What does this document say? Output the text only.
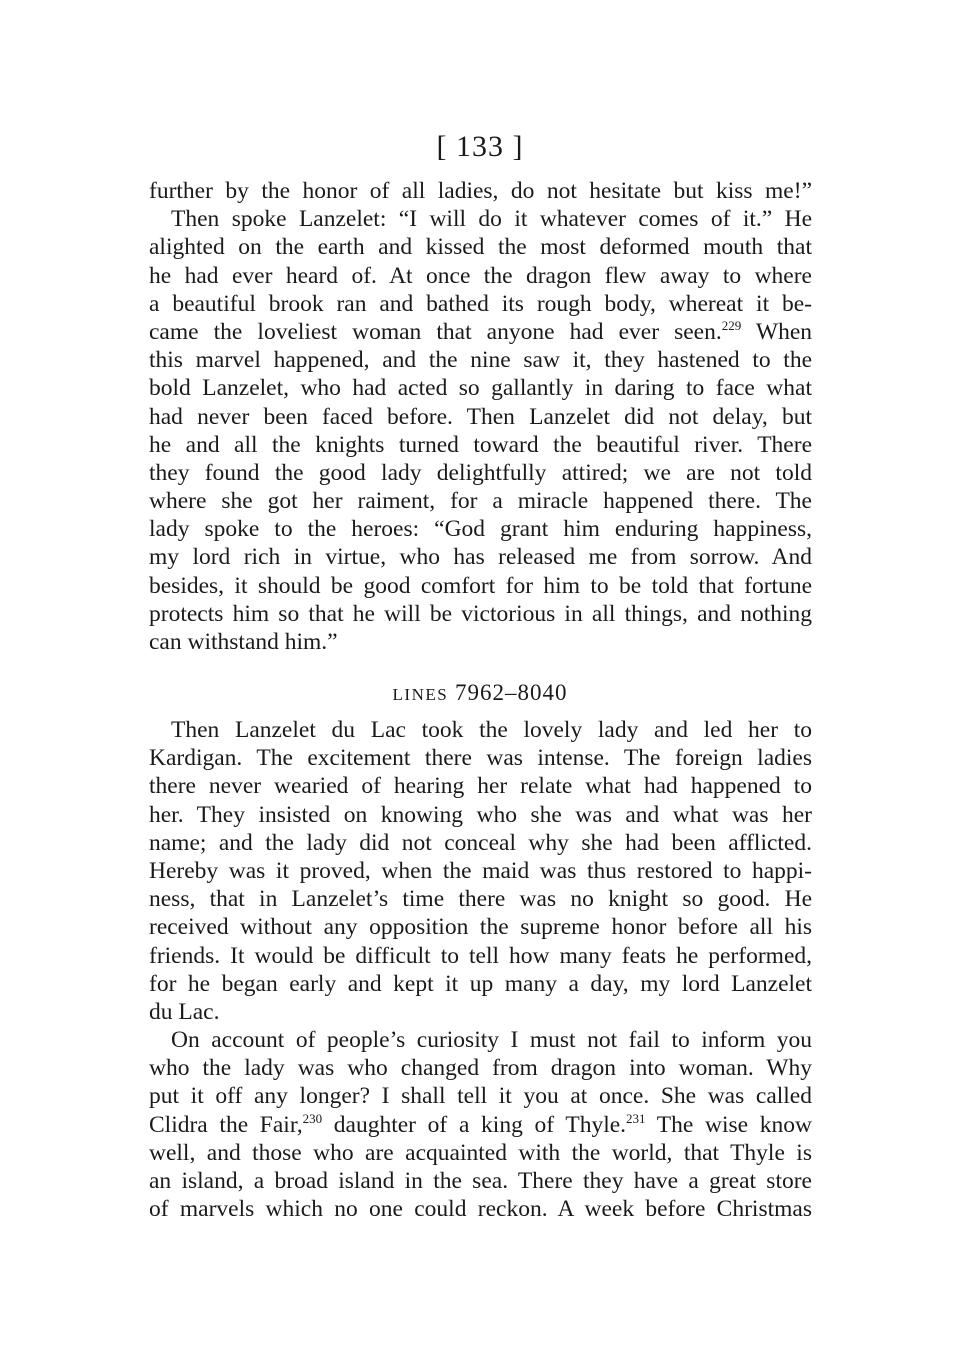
[ 133 ]
further by the honor of all ladies, do not hesitate but kiss me!”
Then spoke Lanzelet: “I will do it whatever comes of it.” He
alighted on the earth and kissed the most deformed mouth that
he had ever heard of. At once the dragon flew away to where
a beautiful brook ran and bathed its rough body, whereat it be-
came the loveliest woman that anyone had ever seen.$^{229}$ When
this marvel happened, and the nine saw it, they hastened to the
bold Lanzelet, who had acted so gallantly in daring to face what
had never been faced before. Then Lanzelet did not delay, but
he and all the knights turned toward the beautiful river. There
they found the good lady delightfully attired; we are not told
where she got her raiment, for a miracle happened there. The
lady spoke to the heroes: “God grant him enduring happiness,
my lord rich in virtue, who has released me from sorrow. And
besides, it should be good comfort for him to be told that fortune
protects him so that he will be victorious in all things, and nothing
can withstand him.”
LINES 7962–8040
Then Lanzelet du Lac took the lovely lady and led her to
Kardigan. The excitement there was intense. The foreign ladies
there never wearied of hearing her relate what had happened to
her. They insisted on knowing who she was and what was her
name; and the lady did not conceal why she had been afflicted.
Hereby was it proved, when the maid was thus restored to happi-
ness, that in Lanzelet’s time there was no knight so good. He
received without any opposition the supreme honor before all his
friends. It would be difficult to tell how many feats he performed,
for he began early and kept it up many a day, my lord Lanzelet
du Lac.
On account of people’s curiosity I must not fail to inform you
who the lady was who changed from dragon into woman. Why
put it off any longer? I shall tell it you at once. She was called
Clidra the Fair,$^{230}$ daughter of a king of Thyle.$^{231}$ The wise know
well, and those who are acquainted with the world, that Thyle is
an island, a broad island in the sea. There they have a great store
of marvels which no one could reckon. A week before Christmas
